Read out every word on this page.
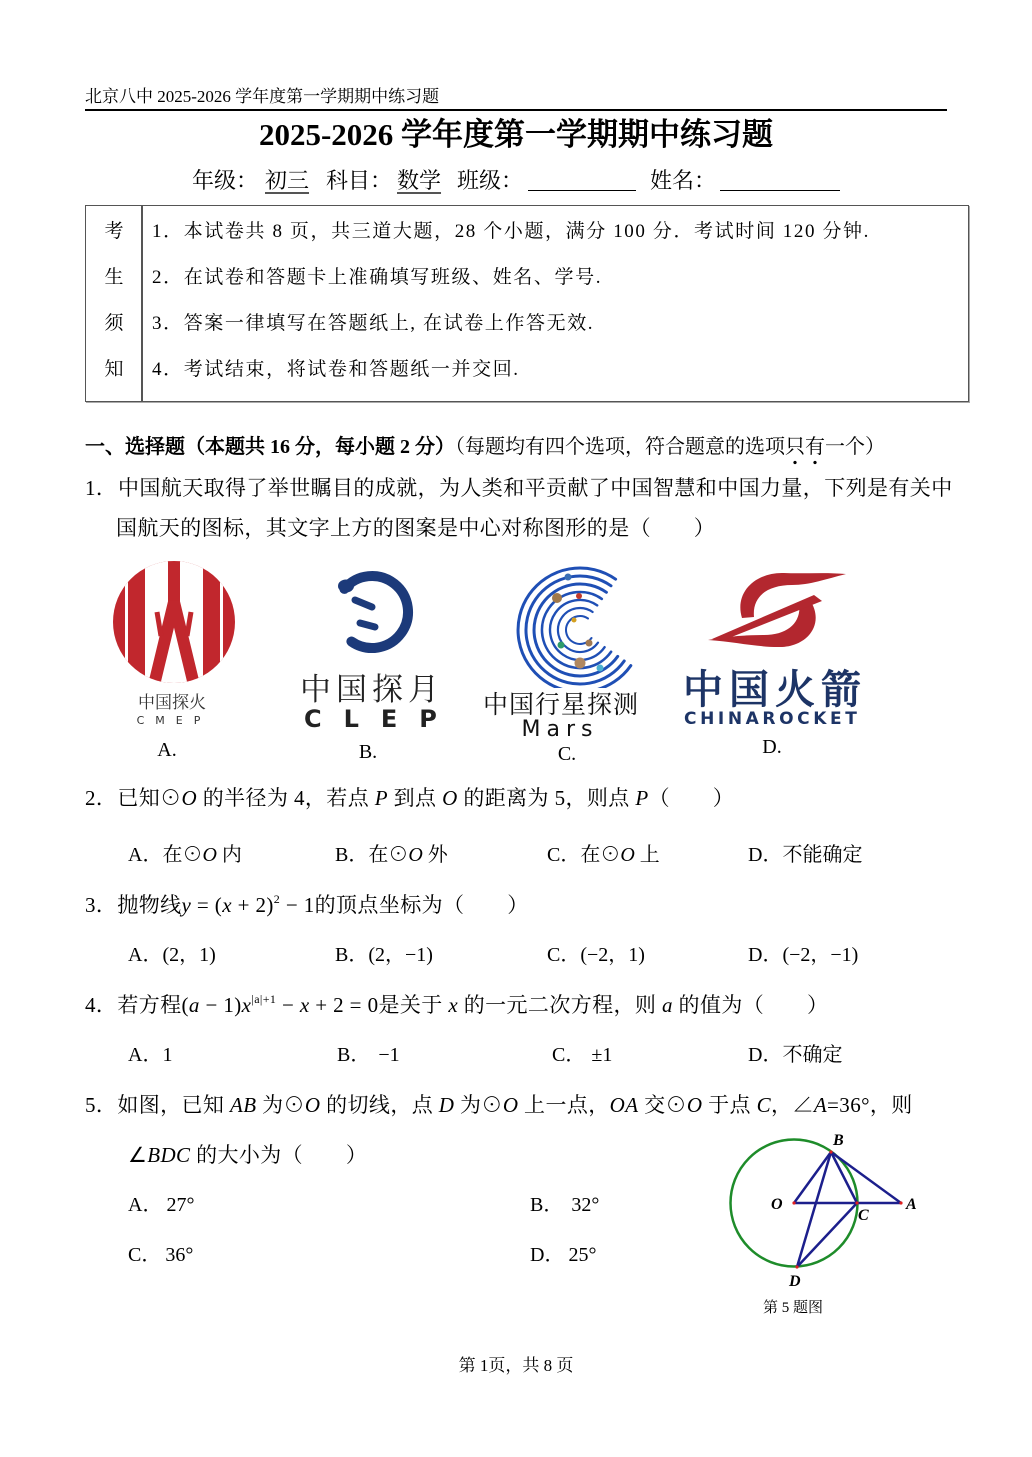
北京八中 2025-2026 学年度第一学期期中练习题
2025-2026 学年度第一学期期中练习题
年级： 初三 科目： 数学 班级：	姓名：
考
生
须
知
1．本试卷共 8 页，共三道大题，28 个小题，满分 100 分．考试时间 120 分钟.
2．在试卷和答题卡上准确填写班级、姓名、学号.
3．答案一律填写在答题纸上, 在试卷上作答无效.
4．考试结束，将试卷和答题纸一并交回.
一、选择题（本题共 16 分，每小题 2 分）（每题均有四个选项，符合题意的选项只有一个）
1． 中国航天取得了举世瞩目的成就，为人类和平贡献了中国智慧和中国力量，下列是有关中
国航天的图标，其文字上方的图案是中心对称图形的是（　　）
中国探火
CMEP
A.
中国探月
CLEP
B.
中国行星探测
Mars
C.
中国火箭
CHINAROCKET
D.
2．已知⊙O 的半径为 4，若点 P 到点 O 的距离为 5，则点 P（　　）
A．在⊙O 内	B．在⊙O 外	C．在⊙O 上	D．不能确定
3．抛物线$y = (x + 2)^2 - 1$的顶点坐标为（　　）
A．(2，1)	B．(2，−1)	C．(−2，1)	D．(−2，−1)
4．若方程$(a - 1)x^{|a|+1} - x + 2 = 0$是关于 x 的一元二次方程，则 a 的值为（　　）
A．1	B． −1	C． ±1	D．不确定
5．如图，已知 AB 为⊙O 的切线，点 D 为⊙O 上一点，OA 交⊙O 于点 C，∠A=36°，则
∠BDC 的大小为（　　）
A． 27°	B． 32°
C． 36°	D． 25°
B
O
C
A
D
第 5 题图
第 1页，共 8 页
